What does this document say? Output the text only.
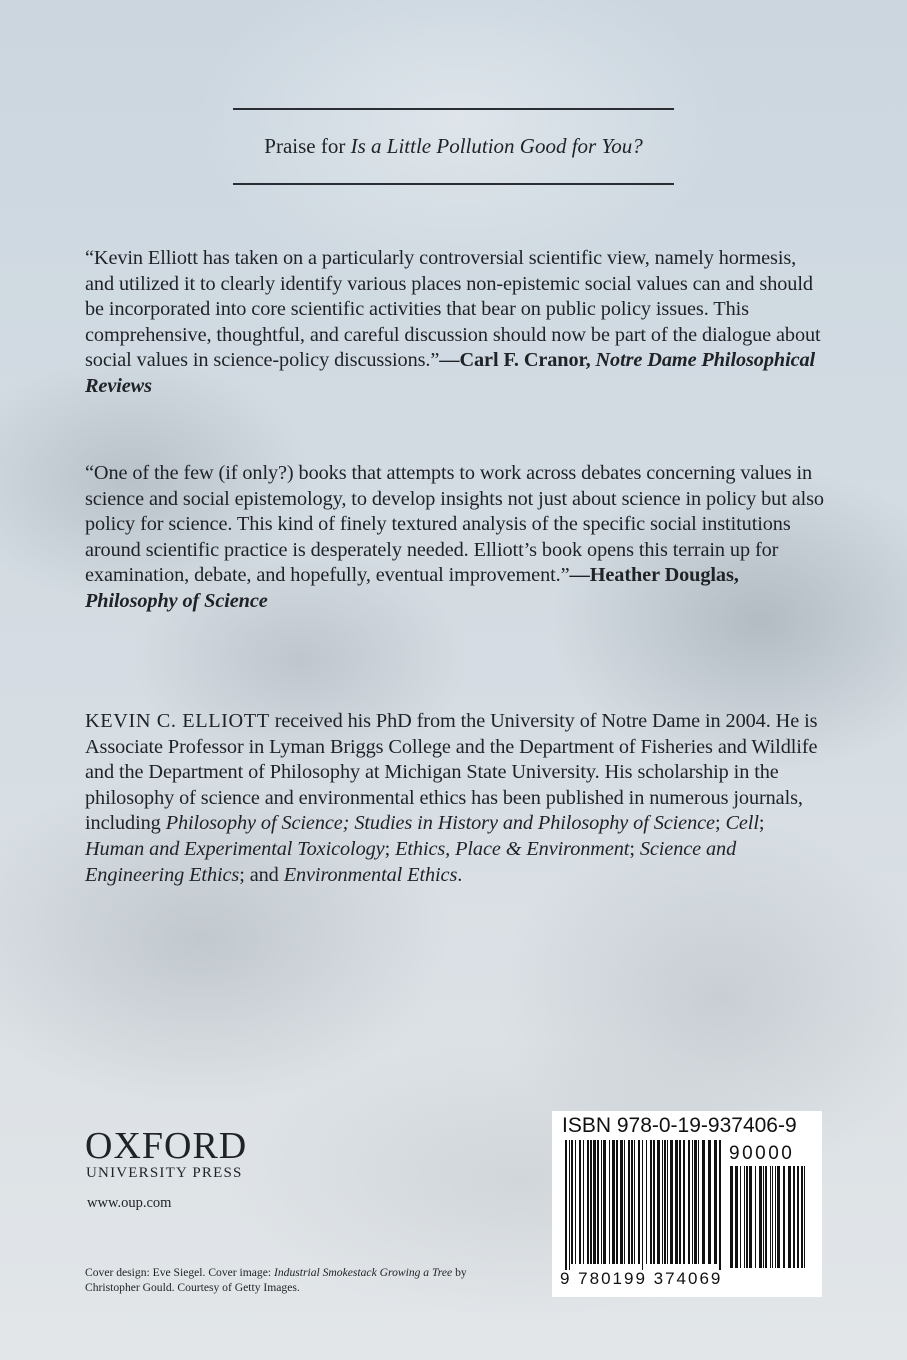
Praise for Is a Little Pollution Good for You?
“Kevin Elliott has taken on a particularly controversial scientific view, namely hormesis, and utilized it to clearly identify various places non-epistemic social values can and should be incorporated into core scientific activities that bear on public policy issues. This comprehensive, thoughtful, and careful discussion should now be part of the dialogue about social values in science-policy discussions.”—Carl F. Cranor, Notre Dame Philosophical Reviews
“One of the few (if only?) books that attempts to work across debates concerning values in science and social epistemology, to develop insights not just about science in policy but also policy for science. This kind of finely textured analysis of the specific social institutions around scientific practice is desperately needed. Elliott’s book opens this terrain up for examination, debate, and hopefully, eventual improvement.”—Heather Douglas, Philosophy of Science
KEVIN C. ELLIOTT received his PhD from the University of Notre Dame in 2004. He is Associate Professor in Lyman Briggs College and the Department of Fisheries and Wildlife and the Department of Philosophy at Michigan State University. His scholarship in the philosophy of science and environmental ethics has been published in numerous journals, including Philosophy of Science; Studies in History and Philosophy of Science; Cell; Human and Experimental Toxicology; Ethics, Place & Environment; Science and Engineering Ethics; and Environmental Ethics.
OXFORD
UNIVERSITY PRESS
www.oup.com
Cover design: Eve Siegel. Cover image: Industrial Smokestack Growing a Tree by Christopher Gould. Courtesy of Getty Images.
ISBN 978-0-19-937406-9
90000
9 780199 374069
